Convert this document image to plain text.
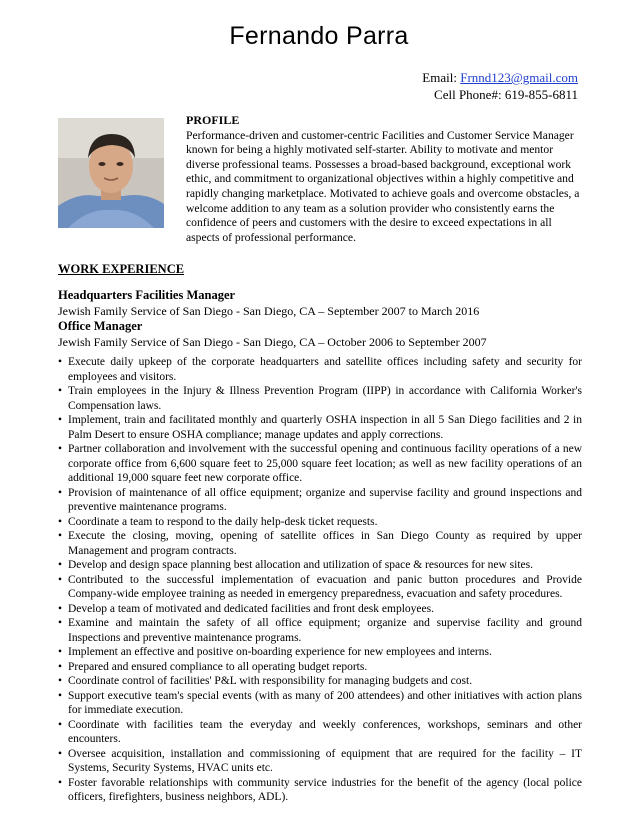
Fernando Parra
Email: Frnnd123@gmail.com
Cell Phone#: 619-855-6811
PROFILE
Performance-driven and customer-centric Facilities and Customer Service Manager known for being a highly motivated self-starter. Ability to motivate and mentor diverse professional teams. Possesses a broad-based background, exceptional work ethic, and commitment to organizational objectives within a highly competitive and rapidly changing marketplace. Motivated to achieve goals and overcome obstacles, a welcome addition to any team as a solution provider who consistently earns the confidence of peers and customers with the desire to exceed expectations in all aspects of professional performance.
WORK EXPERIENCE
Headquarters Facilities Manager
Jewish Family Service of San Diego - San Diego, CA – September 2007 to March 2016
Office Manager
Jewish Family Service of San Diego - San Diego, CA – October 2006 to September 2007
• Execute daily upkeep of the corporate headquarters and satellite offices including safety and security for employees and visitors.
• Train employees in the Injury & Illness Prevention Program (IIPP) in accordance with California Worker's Compensation laws.
• Implement, train and facilitated monthly and quarterly OSHA inspection in all 5 San Diego facilities and 2 in Palm Desert to ensure OSHA compliance; manage updates and apply corrections.
• Partner collaboration and involvement with the successful opening and continuous facility operations of a new corporate office from 6,600 square feet to 25,000 square feet location; as well as new facility operations of an additional 19,000 square feet new corporate office.
• Provision of maintenance of all office equipment; organize and supervise facility and ground inspections and preventive maintenance programs.
• Coordinate a team to respond to the daily help-desk ticket requests.
• Execute the closing, moving, opening of satellite offices in San Diego County as required by upper Management and program contracts.
• Develop and design space planning best allocation and utilization of space & resources for new sites.
• Contributed to the successful implementation of evacuation and panic button procedures and Provide Company-wide employee training as needed in emergency preparedness, evacuation and safety procedures.
• Develop a team of motivated and dedicated facilities and front desk employees.
• Examine and maintain the safety of all office equipment; organize and supervise facility and ground Inspections and preventive maintenance programs.
• Implement an effective and positive on-boarding experience for new employees and interns.
• Prepared and ensured compliance to all operating budget reports.
• Coordinate control of facilities' P&L with responsibility for managing budgets and cost.
• Support executive team's special events (with as many of 200 attendees) and other initiatives with action plans for immediate execution.
• Coordinate with facilities team the everyday and weekly conferences, workshops, seminars and other encounters.
• Oversee acquisition, installation and commissioning of equipment that are required for the facility – IT Systems, Security Systems, HVAC units etc.
• Foster favorable relationships with community service industries for the benefit of the agency (local police officers, firefighters, business neighbors, ADL).
